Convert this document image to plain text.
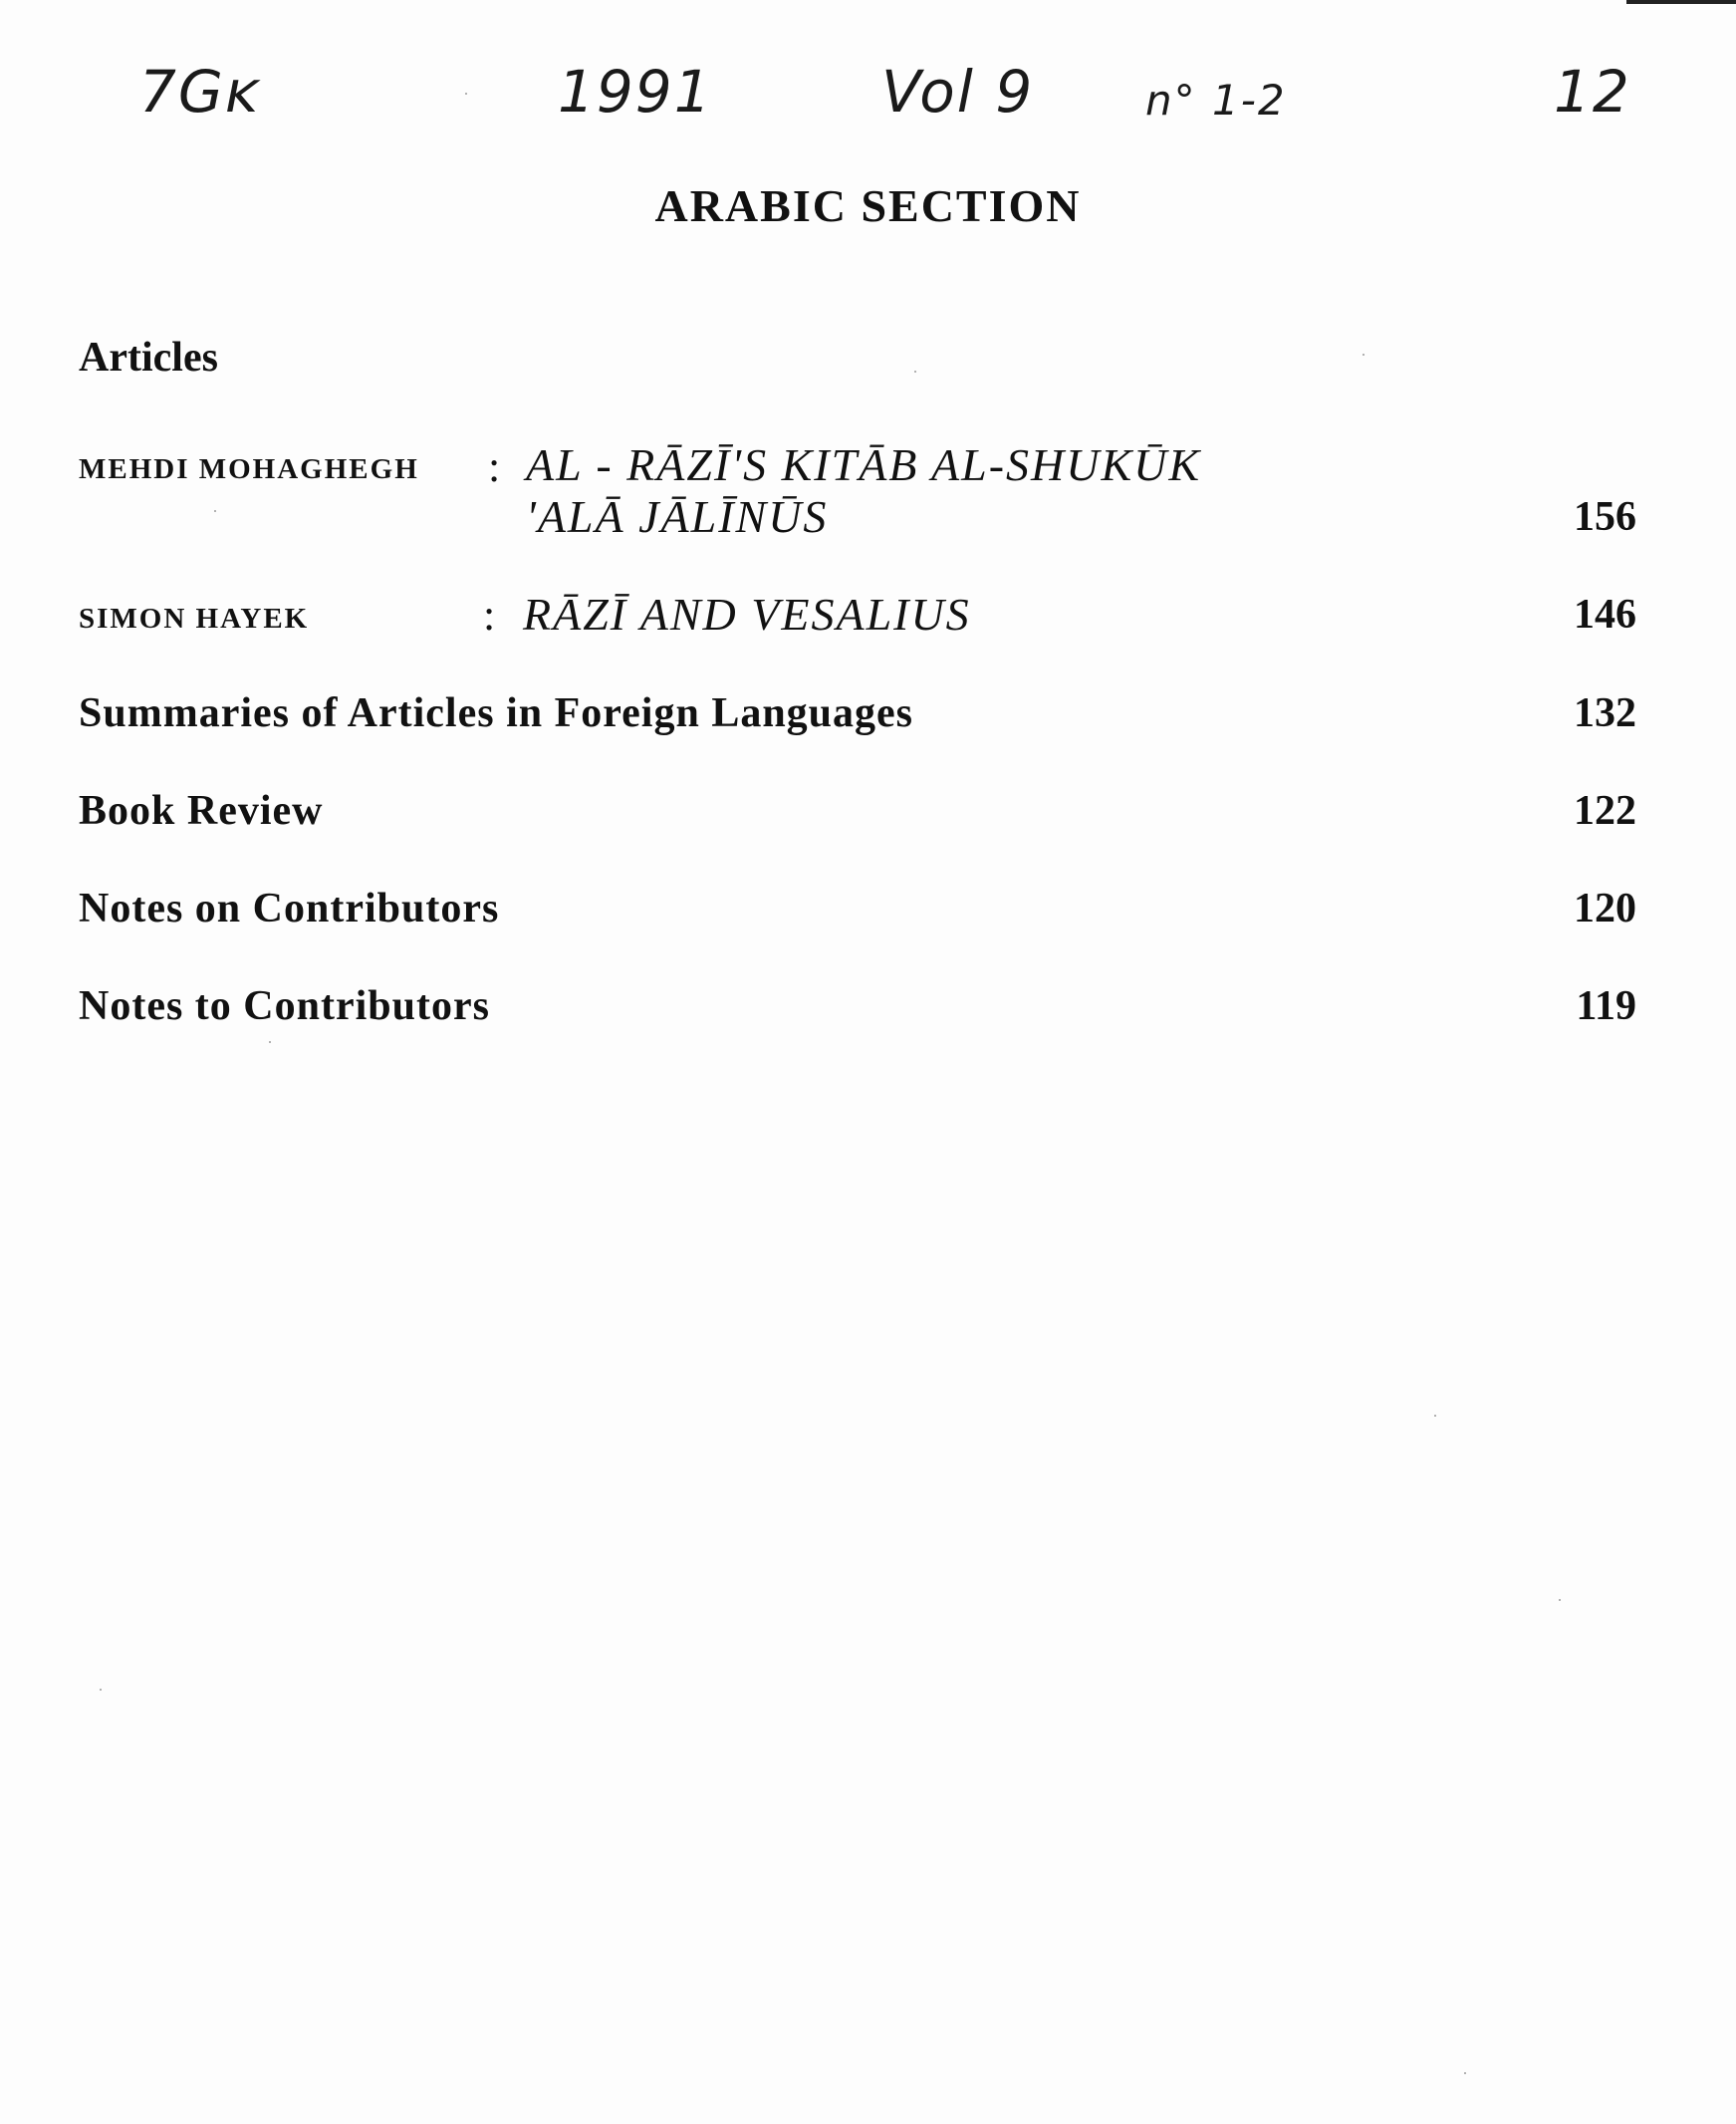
7Gĸ	1991	Vol 9	n° 1-2	12
ARABIC SECTION
Articles
MEHDI MOHAGHEGH : AL - RĀZĪ'S KITĀB AL-SHUKŪK
'ALĀ JĀLĪNŪS	156
SIMON HAYEK	: RĀZĪ AND VESALIUS	146
Summaries of Articles in Foreign Languages	132
Book Review	122
Notes on Contributors	120
Notes to Contributors	119
